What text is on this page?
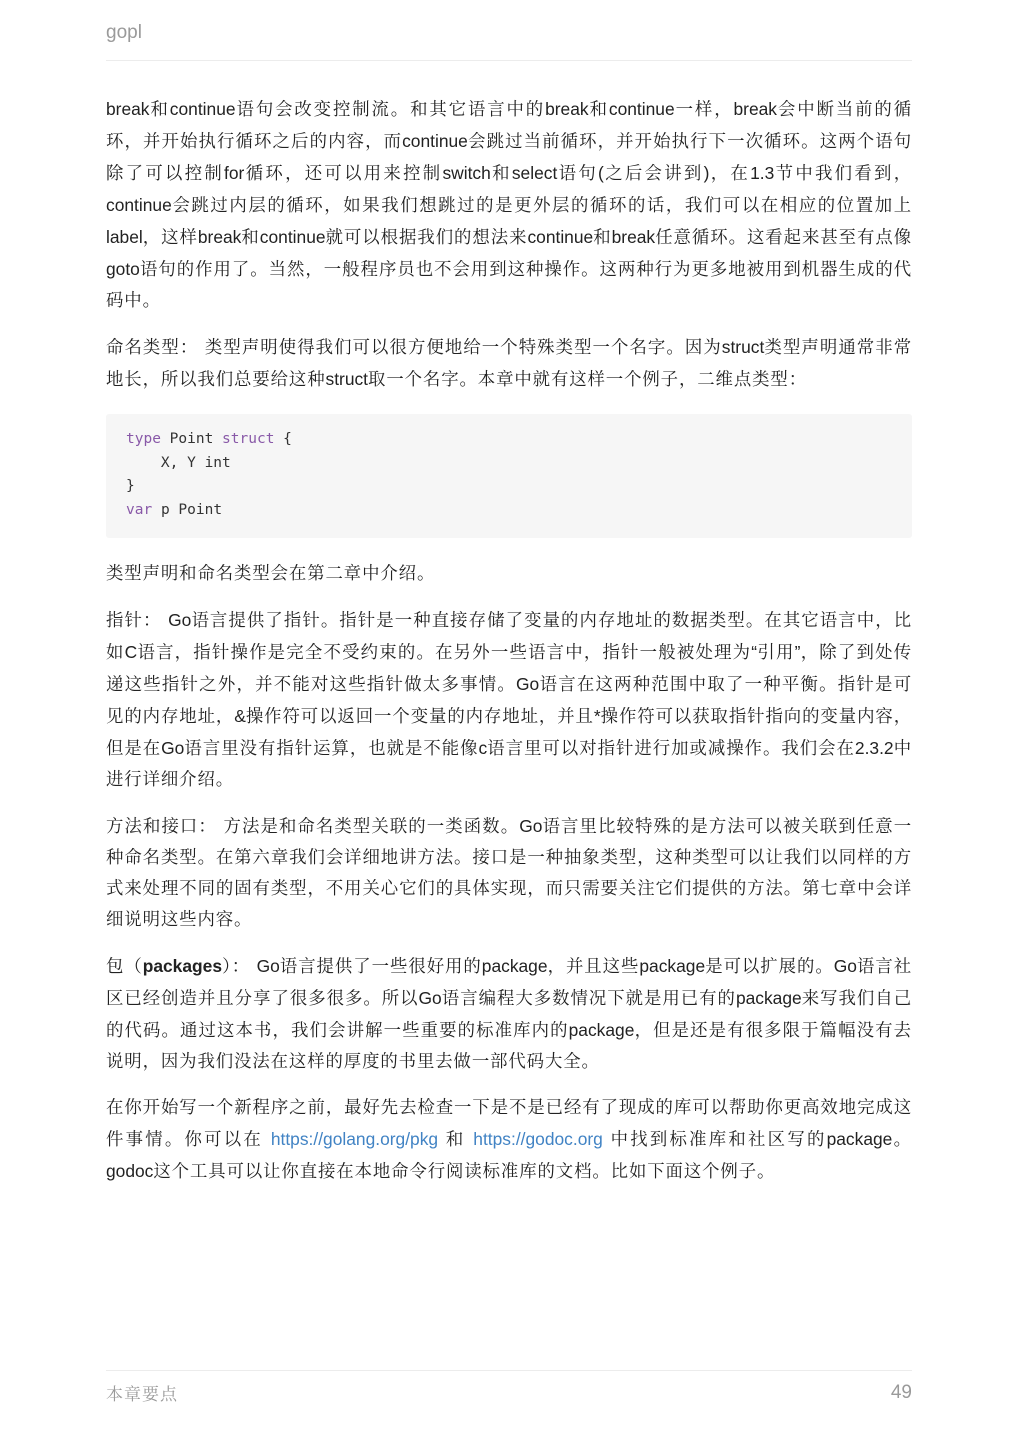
gopl

break和continue语句会改变控制流。和其它语言中的break和continue一样，break会中断当前的循环，并开始执行循环之后的内容，而continue会跳过当前循环，并开始执行下一次循环。这两个语句除了可以控制for循环，还可以用来控制switch和select语句(之后会讲到)，在1.3节中我们看到，continue会跳过内层的循环，如果我们想跳过的是更外层的循环的话，我们可以在相应的位置加上label，这样break和continue就可以根据我们的想法来continue和break任意循环。这看起来甚至有点像goto语句的作用了。当然，一般程序员也不会用到这种操作。这两种行为更多地被用到机器生成的代码中。

命名类型： 类型声明使得我们可以很方便地给一个特殊类型一个名字。因为struct类型声明通常非常地长，所以我们总要给这种struct取一个名字。本章中就有这样一个例子，二维点类型：

type Point struct {
X, Y int
}
var p Point

类型声明和命名类型会在第二章中介绍。

指针： Go语言提供了指针。指针是一种直接存储了变量的内存地址的数据类型。在其它语言中，比如C语言，指针操作是完全不受约束的。在另外一些语言中，指针一般被处理为“引用”，除了到处传递这些指针之外，并不能对这些指针做太多事情。Go语言在这两种范围中取了一种平衡。指针是可见的内存地址，&操作符可以返回一个变量的内存地址，并且*操作符可以获取指针指向的变量内容，但是在Go语言里没有指针运算，也就是不能像c语言里可以对指针进行加或减操作。我们会在2.3.2中进行详细介绍。

方法和接口： 方法是和命名类型关联的一类函数。Go语言里比较特殊的是方法可以被关联到任意一种命名类型。在第六章我们会详细地讲方法。接口是一种抽象类型，这种类型可以让我们以同样的方式来处理不同的固有类型，不用关心它们的具体实现，而只需要关注它们提供的方法。第七章中会详细说明这些内容。

包（packages）： Go语言提供了一些很好用的package，并且这些package是可以扩展的。Go语言社区已经创造并且分享了很多很多。所以Go语言编程大多数情况下就是用已有的package来写我们自己的代码。通过这本书，我们会讲解一些重要的标准库内的package，但是还是有很多限于篇幅没有去说明，因为我们没法在这样的厚度的书里去做一部代码大全。

在你开始写一个新程序之前，最好先去检查一下是不是已经有了现成的库可以帮助你更高效地完成这件事情。你可以在 https://golang.org/pkg 和 https://godoc.org 中找到标准库和社区写的package。godoc这个工具可以让你直接在本地命令行阅读标准库的文档。比如下面这个例子。

本章要点	49
